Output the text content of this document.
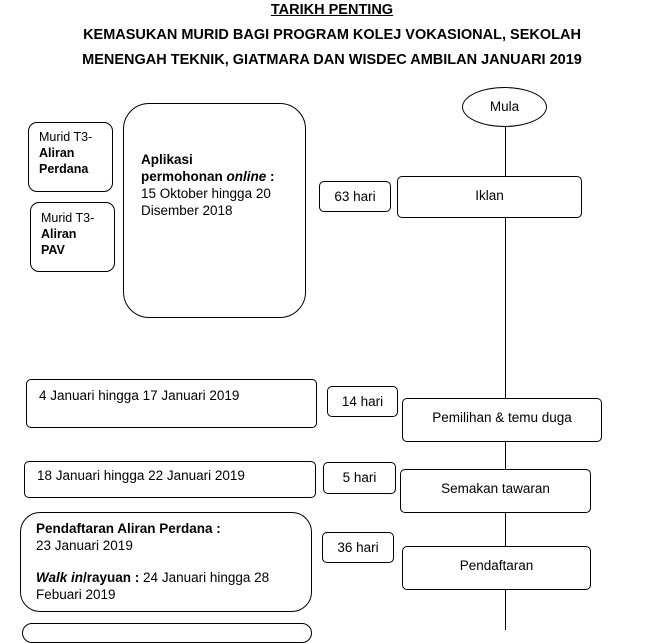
TARIKH PENTING
KEMASUKAN MURID BAGI PROGRAM KOLEJ VOKASIONAL, SEKOLAH
MENENGAH TEKNIK, GIATMARA DAN WISDEC AMBILAN JANUARI 2019
Mula
Murid T3-
Aliran
Perdana
Murid T3-
Aliran
PAV
Aplikasi
permohonan online :
15 Oktober hingga 20
Disember 2018
63 hari	Iklan
4 Januari hingga 17 Januari 2019	14 hari
Pemilihan & temu duga
18 Januari hingga 22 Januari 2019	5 hari
Semakan tawaran
Pendaftaran Aliran Perdana :
23 Januari 2019
Walk in/rayuan : 24 Januari hingga 28
Febuari 2019
36 hari
Pendaftaran
